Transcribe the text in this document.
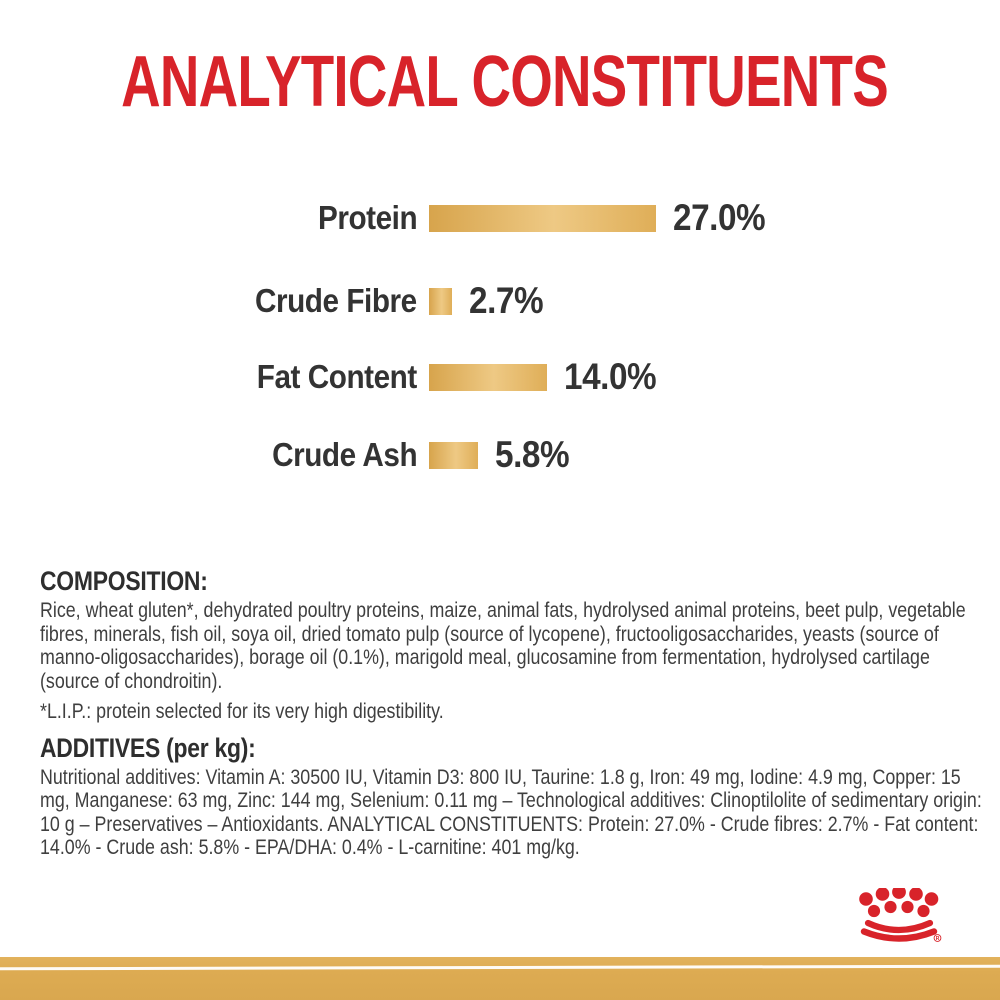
ANALYTICAL CONSTITUENTS
Protein	27.0%
Crude Fibre 2.7%
Fat Content	14.0%
Crude Ash 5.8%
COMPOSITION:

Rice, wheat gluten*, dehydrated poultry proteins, maize, animal fats, hydrolysed animal proteins, beet pulp, vegetable fibres, minerals, fish oil, soya oil, dried tomato pulp (source of lycopene), fructooligosaccharides, yeasts (source of manno-oligosaccharides), borage oil (0.1%), marigold meal, glucosamine from fermentation, hydrolysed cartilage (source of chondroitin).

*L.I.P.: protein selected for its very high digestibility.

ADDITIVES (per kg):

Nutritional additives: Vitamin A: 30500 IU, Vitamin D3: 800 IU, Taurine: 1.8 g, Iron: 49 mg, Iodine: 4.9 mg, Copper: 15 mg, Manganese: 63 mg, Zinc: 144 mg, Selenium: 0.11 mg – Technological additives: Clinoptilolite of sedimentary origin: 10 g – Preservatives – Antioxidants. ANALYTICAL CONSTITUENTS: Protein: 27.0% - Crude fibres: 2.7% - Fat content: 14.0% - Crude ash: 5.8% - EPA/DHA: 0.4% - L-carnitine: 401 mg/kg.

R
